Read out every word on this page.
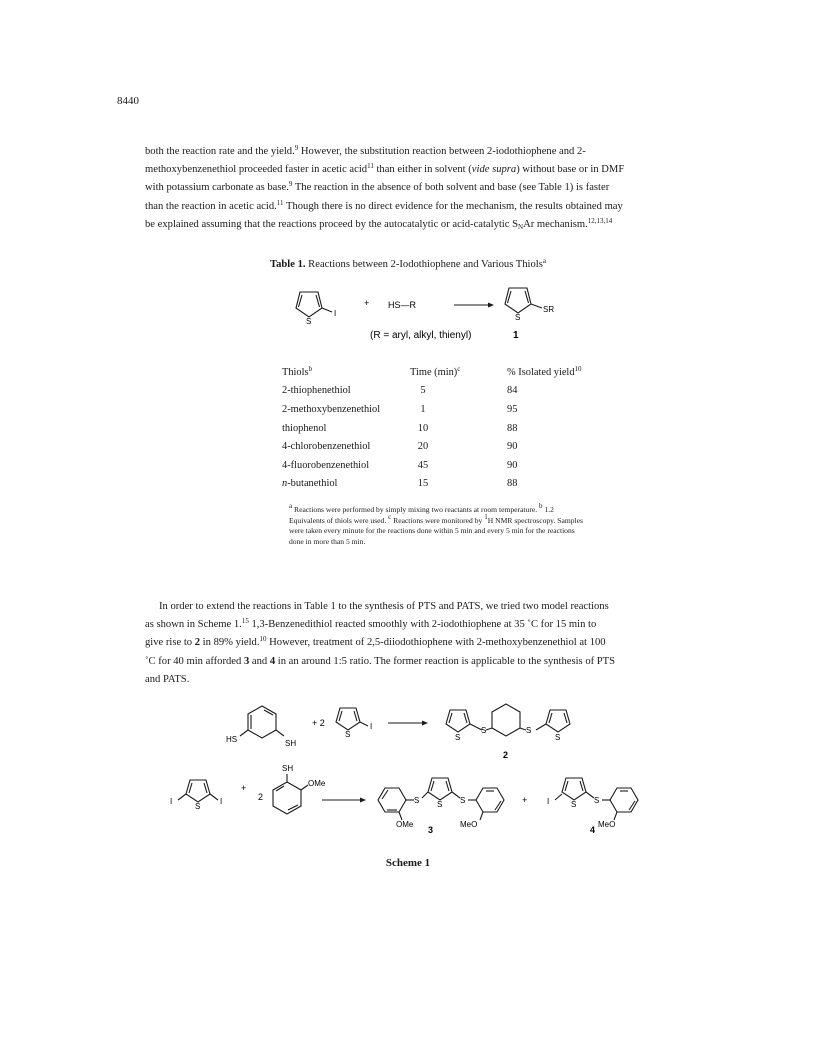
8440

both the reaction rate and the yield.$^9$ However, the substitution reaction between 2-iodothiophene and 2-
methoxybenzenethiol proceeded faster in acetic acid$^{11}$ than either in solvent (vide supra) without base or in DMF
with potassium carbonate as base.$^9$ The reaction in the absence of both solvent and base (see Table 1) is faster
than the reaction in acetic acid.$^{11}$ Though there is no direct evidence for the mechanism, the results obtained may
be explained assuming that the reactions proceed by the autocatalytic or acid-catalytic $S_NAr$ mechanism.$^{12,13,14}$

Table 1. Reactions between 2-Iodothiophene and Various Thiols$^a$
S
I
+ HS—R
S
SR
(R = aryl, alkyl, thienyl)	1
Thiols$^b$	Time $(\min)^c$	% Isolated yield$^{10}$
2-thiophenethiol	5	84
2-methoxybenzenethiol	1	95
thiophenol	10	88
4-chlorobenzenethiol	20	90
4-fluorobenzenethiol	45	90
n-butanethiol	15	88

$^a$ Reactions were performed by simply mixing two reactants at room temperature. $^b$ 1.2 Equivalents of thiols were used. $^c$ Reactions were monitored by $^1$H NMR spectroscopy. Samples were taken every minute for the reactions done within 5 min and every 5 min for the reactions done in more than 5 min.

In order to extend the reactions in Table 1 to the synthesis of PTS and PATS, we tried two model reactions
as shown in Scheme 1.15 1,3-Benzenedithiol reacted smoothly with 2-iodothiophene at 35 ˚C for 15 min to
give rise to 2 in 89% yield.$^{10}$ However, treatment of 2,5-diiodothiophene with 2-methoxybenzenethiol at 100
˚C for 40 min afforded 3 and 4 in an around 1:5 ratio. The former reaction is applicable to the synthesis of PTS
and PATS.

HS	SH
+ 2
S
I
S
S	S
S
2
I
S
I
+
2
SH
OMe
S S S
OMe	MeO
3
+ I	S S
MeO
4
Scheme 1
